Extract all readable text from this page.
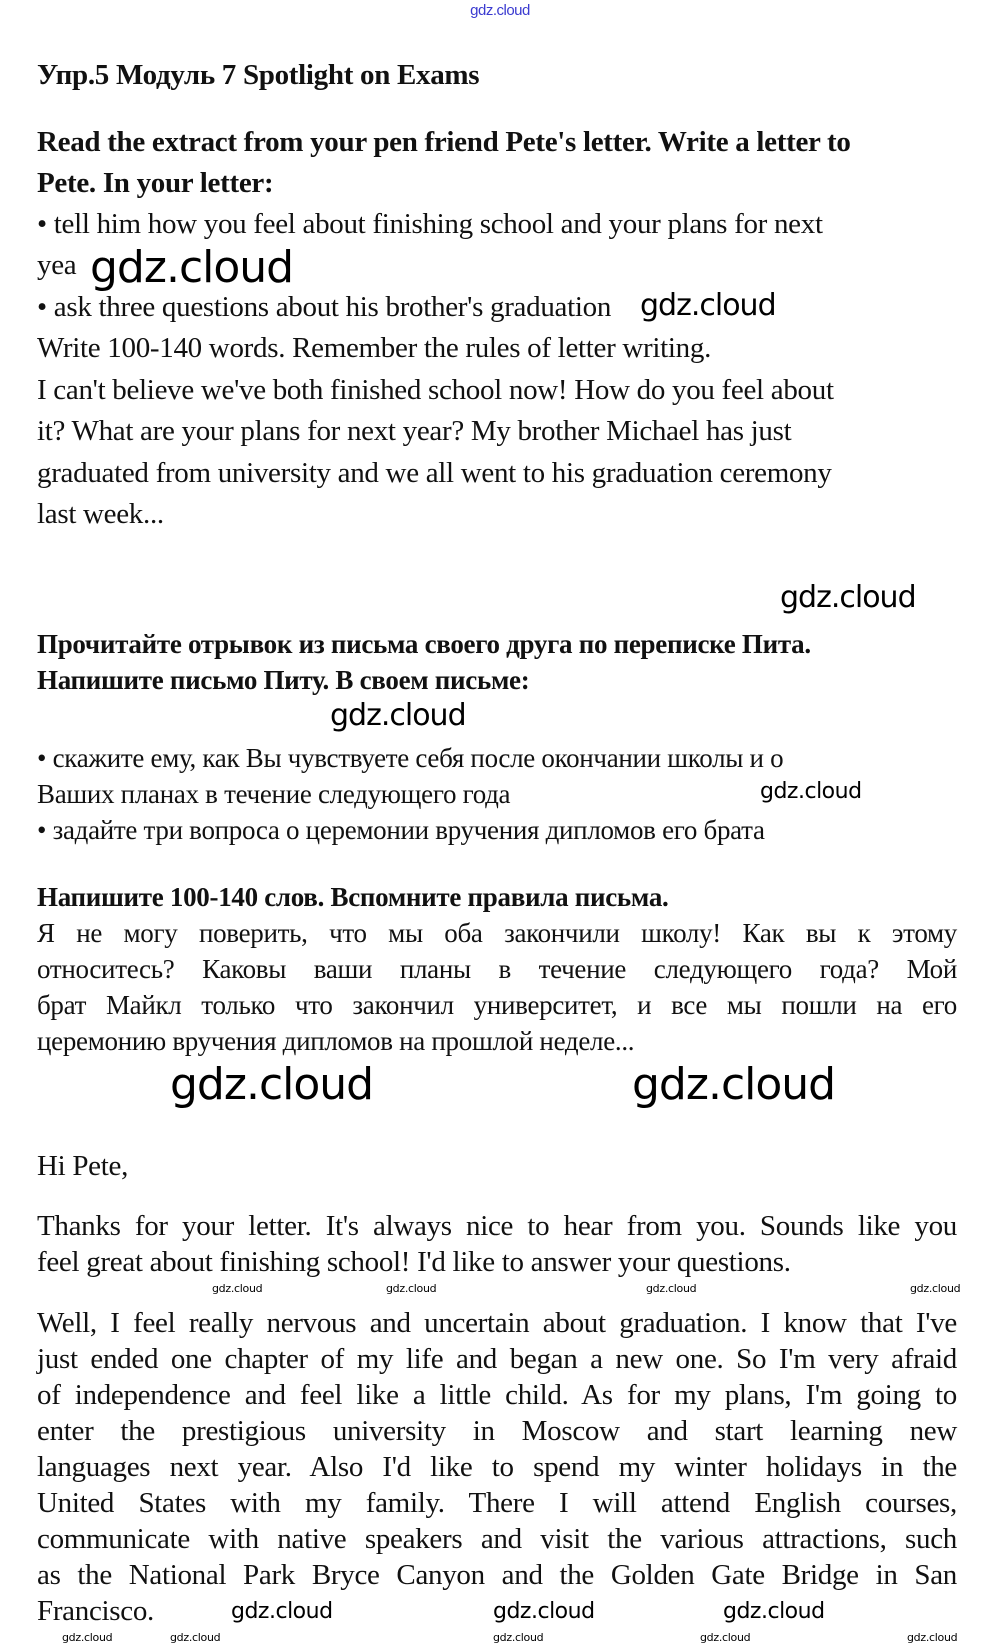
gdz.cloud
Упр.5 Модуль 7 Spotlight on Exams
Read the extract from your pen friend Pete's letter. Write a letter to
Pete. In your letter:
• tell him how you feel about finishing school and your plans for next
yea
• ask three questions about his brother's graduation
Write 100-140 words. Remember the rules of letter writing.
I can't believe we've both finished school now! How do you feel about
it? What are your plans for next year? My brother Michael has just
graduated from university and we all went to his graduation ceremony
last week...
Прочитайте отрывок из письма своего друга по переписке Пита.
Напишите письмо Питу. В своем письме:
• скажите ему, как Вы чувствуете себя после окончании школы и о
Ваших планах в течение следующего года
• задайте три вопроса о церемонии вручения дипломов его брата
Напишите 100-140 слов. Вспомните правила письма.
Я не могу поверить, что мы оба закончили школу! Как вы к этому
относитесь? Каковы ваши планы в течение следующего года? Мой
брат Майкл только что закончил университет, и все мы пошли на его
церемонию вручения дипломов на прошлой неделе...
Hi Pete,
Thanks for your letter. It's always nice to hear from you. Sounds like you
feel great about finishing school! I'd like to answer your questions.
Well, I feel really nervous and uncertain about graduation. I know that I've
just ended one chapter of my life and began a new one. So I'm very afraid
of independence and feel like a little child. As for my plans, I'm going to
enter the prestigious university in Moscow and start learning new
languages next year. Also I'd like to spend my winter holidays in the
United States with my family. There I will attend English courses,
communicate with native speakers and visit the various attractions, such
as the National Park Bryce Canyon and the Golden Gate Bridge in San
Francisco.
gdz.cloud
gdz.cloud
gdz.cloud
gdz.cloud
gdz.cloud
gdz.cloud	gdz.cloud
gdz.cloud	gdz.cloud	gdz.cloud	gdz.cloud
gdz.cloud	gdz.cloud	gdz.cloud
gdz.cloud	gdz.cloud
gdz.cloud	gdz.cloud	gdz.cloud
